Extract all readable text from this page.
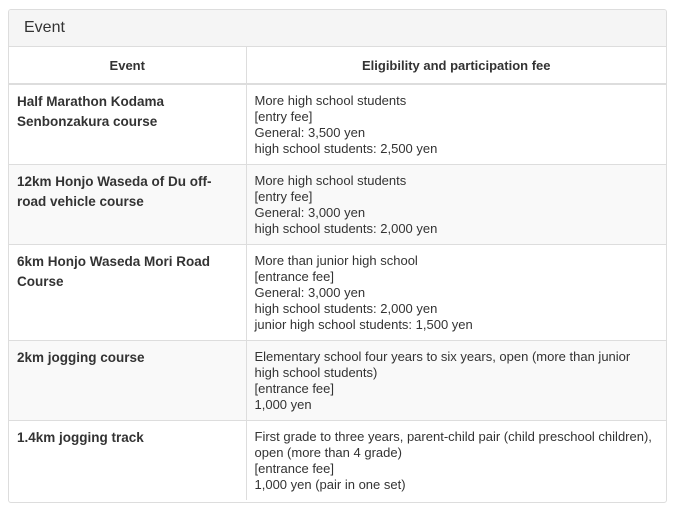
Event
Event	Eligibility and participation fee
Half Marathon Kodama Senbonzakura course	More high school students
[entry fee]
General: 3,500 yen
high school students: 2,500 yen

12km Honjo Waseda of Du off-road vehicle course	More high school students
[entry fee]
General: 3,000 yen
high school students: 2,000 yen

6km Honjo Waseda Mori Road Course	More than junior high school
[entrance fee]
General: 3,000 yen
high school students: 2,000 yen
junior high school students: 1,500 yen

2km jogging course	Elementary school four years to six years, open (more than junior high school students)
[entrance fee]
1,000 yen

1.4km jogging track	First grade to three years, parent-child pair (child preschool children), open (more than 4 grade)
[entrance fee]
1,000 yen (pair in one set)
